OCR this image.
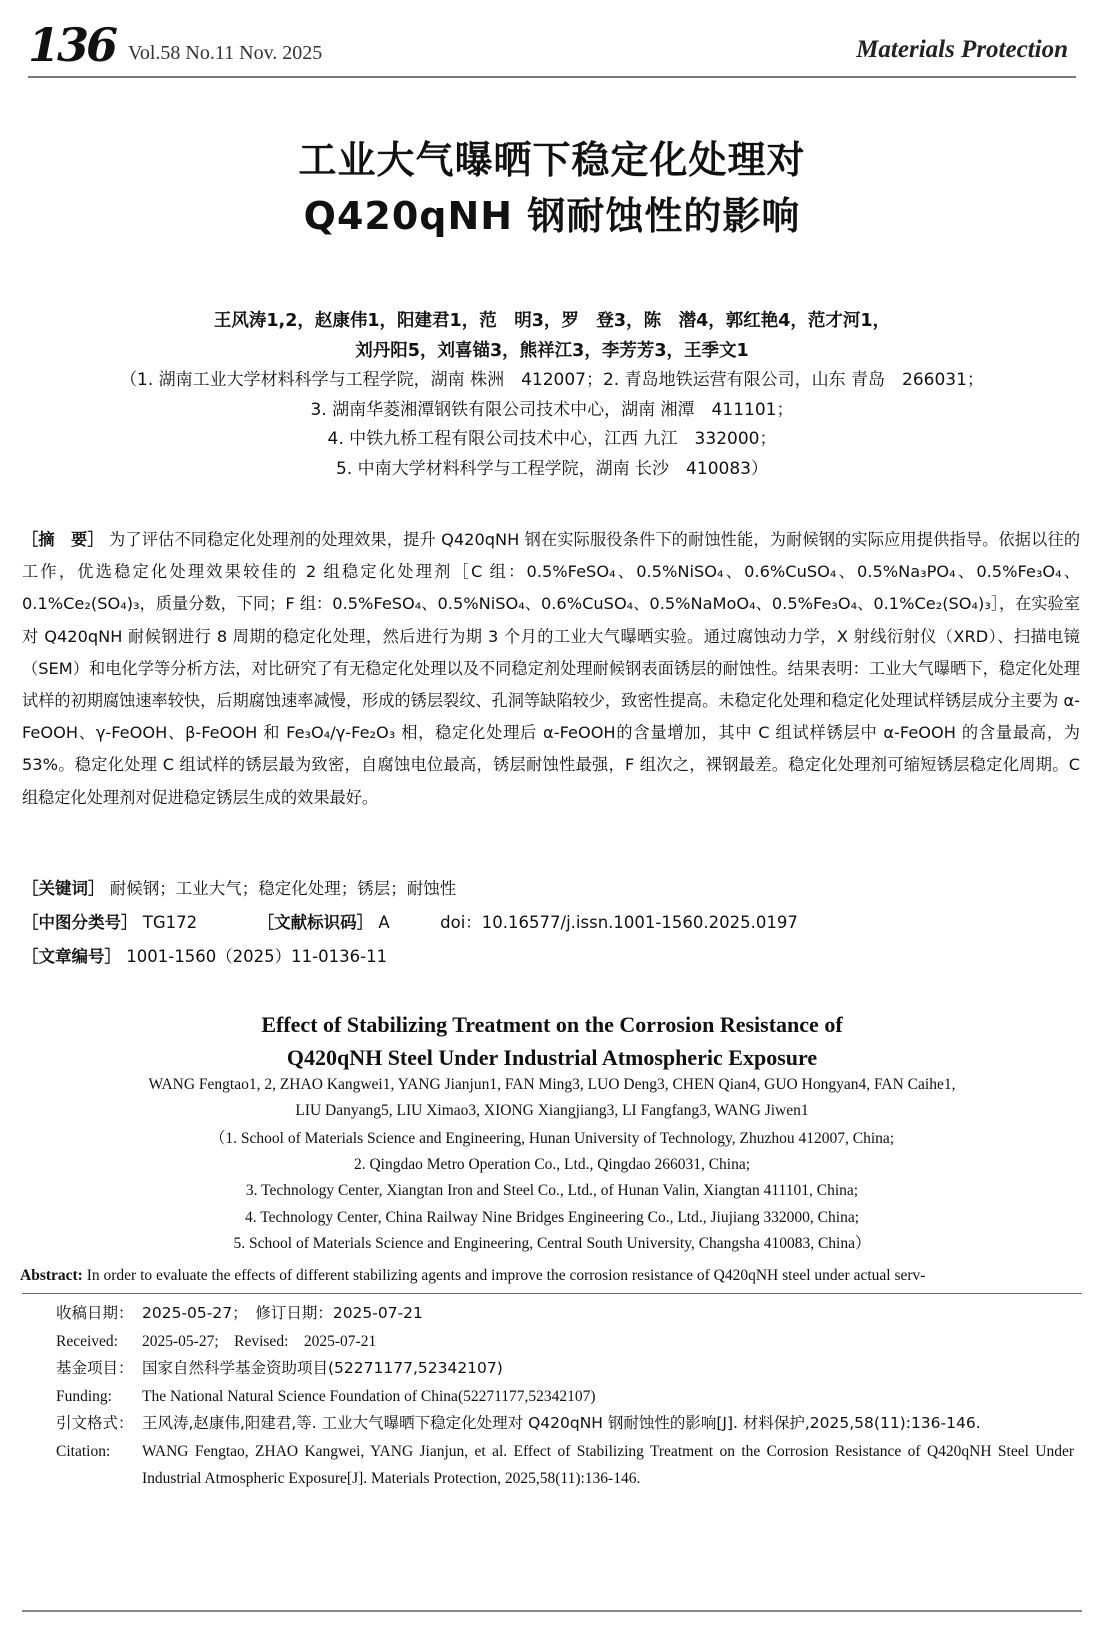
136 Vol.58 No.11 Nov. 2025	Materials Protection
工业大气曝晒下稳定化处理对
Q420qNH 钢耐蚀性的影响
王风涛1,2，赵康伟1，阳建君1，范　明3，罗　登3，陈　潜4，郭红艳4，范才河1，
刘丹阳5，刘喜锚3，熊祥江3，李芳芳3，王季文1
（1. 湖南工业大学材料科学与工程学院，湖南 株洲　412007；2. 青岛地铁运营有限公司，山东 青岛　266031；
3. 湖南华菱湘潭钢铁有限公司技术中心，湖南 湘潭　411101；
4. 中铁九桥工程有限公司技术中心，江西 九江　332000；
5. 中南大学材料科学与工程学院，湖南 长沙　410083）
［摘　要］ 为了评估不同稳定化处理剂的处理效果，提升 Q420qNH 钢在实际服役条件下的耐蚀性能，为耐候钢的实际应用提供指导。依据以往的工作，优选稳定化处理效果较佳的 2 组稳定化处理剂［C 组：0.5%FeSO₄、0.5%NiSO₄、0.6%CuSO₄、0.5%Na₃PO₄、0.5%Fe₃O₄、0.1%Ce₂(SO₄)₃，质量分数，下同；F 组：0.5%FeSO₄、0.5%NiSO₄、0.6%CuSO₄、0.5%NaMoO₄、0.5%Fe₃O₄、0.1%Ce₂(SO₄)₃］，在实验室对 Q420qNH 耐候钢进行 8 周期的稳定化处理，然后进行为期 3 个月的工业大气曝晒实验。通过腐蚀动力学，X 射线衍射仪（XRD）、扫描电镜（SEM）和电化学等分析方法，对比研究了有无稳定化处理以及不同稳定剂处理耐候钢表面锈层的耐蚀性。结果表明：工业大气曝晒下，稳定化处理试样的初期腐蚀速率较快，后期腐蚀速率减慢，形成的锈层裂纹、孔洞等缺陷较少，致密性提高。未稳定化处理和稳定化处理试样锈层成分主要为 α-FeOOH、γ-FeOOH、β-FeOOH 和 Fe₃O₄/γ-Fe₂O₃ 相，稳定化处理后 α-FeOOH的含量增加，其中 C 组试样锈层中 α-FeOOH 的含量最高，为 53%。稳定化处理 C 组试样的锈层最为致密，自腐蚀电位最高，锈层耐蚀性最强，F 组次之，裸钢最差。稳定化处理剂可缩短锈层稳定化周期。C 组稳定化处理剂对促进稳定锈层生成的效果最好。
［关键词］ 耐候钢；工业大气；稳定化处理；锈层；耐蚀性
［中图分类号］ TG172	［文献标识码］ A	doi：10.16577/j.issn.1001-1560.2025.0197
［文章编号］ 1001-1560（2025）11-0136-11
Effect of Stabilizing Treatment on the Corrosion Resistance of
Q420qNH Steel Under Industrial Atmospheric Exposure
WANG Fengtao1, 2, ZHAO Kangwei1, YANG Jianjun1, FAN Ming3, LUO Deng3, CHEN Qian4, GUO Hongyan4, FAN Caihe1,
LIU Danyang5, LIU Ximao3, XIONG Xiangjiang3, LI Fangfang3, WANG Jiwen1
（1. School of Materials Science and Engineering, Hunan University of Technology, Zhuzhou 412007, China;
2. Qingdao Metro Operation Co., Ltd., Qingdao 266031, China;
3. Technology Center, Xiangtan Iron and Steel Co., Ltd., of Hunan Valin, Xiangtan 411101, China;
4. Technology Center, China Railway Nine Bridges Engineering Co., Ltd., Jiujiang 332000, China;
5. School of Materials Science and Engineering, Central South University, Changsha 410083, China）
Abstract: In order to evaluate the effects of different stabilizing agents and improve the corrosion resistance of Q420qNH steel under actual serv-
收稿日期： 2025-05-27；　修订日期：2025-07-21
Received:	2025-05-27;　Revised:　2025-07-21
基金项目： 国家自然科学基金资助项目(52271177,52342107)
Funding:	The National Natural Science Foundation of China(52271177,52342107)
引文格式： 王风涛,赵康伟,阳建君,等. 工业大气曝晒下稳定化处理对 Q420qNH 钢耐蚀性的影响[J]. 材料保护,2025,58(11):136-146.
Citation:	WANG Fengtao, ZHAO Kangwei, YANG Jianjun, et al. Effect of Stabilizing Treatment on the Corrosion Resistance of Q420qNH Steel Under Industrial Atmospheric Exposure[J]. Materials Protection, 2025,58(11):136-146.
